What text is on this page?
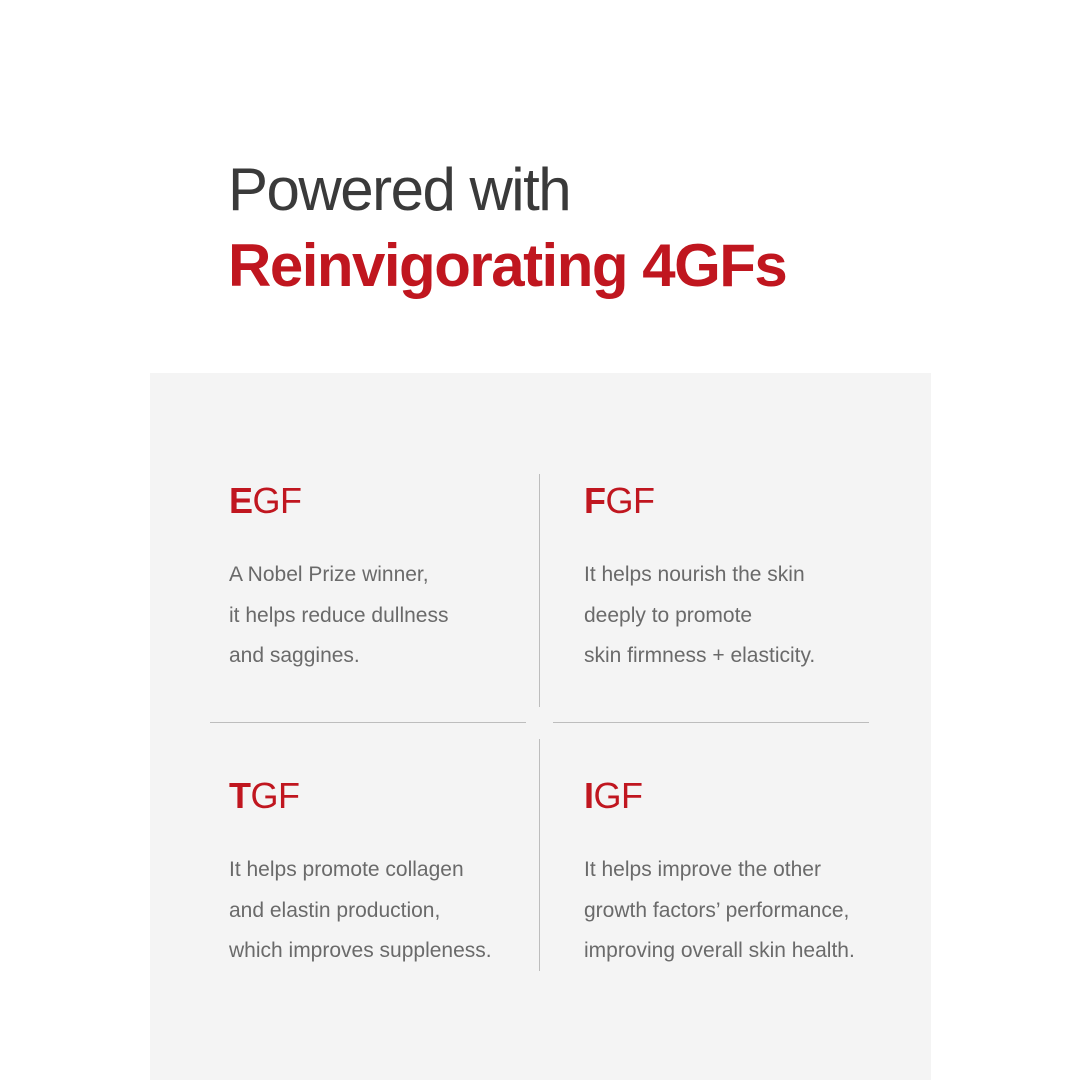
Powered with
Reinvigorating 4GFs
EGF

A Nobel Prize winner,
it helps reduce dullness
and saggines.

FGF

It helps nourish the skin
deeply to promote
skin firmness + elasticity.

TGF

It helps promote collagen
and elastin production,
which improves suppleness.

IGF

It helps improve the other
growth factors’ performance,
improving overall skin health.
